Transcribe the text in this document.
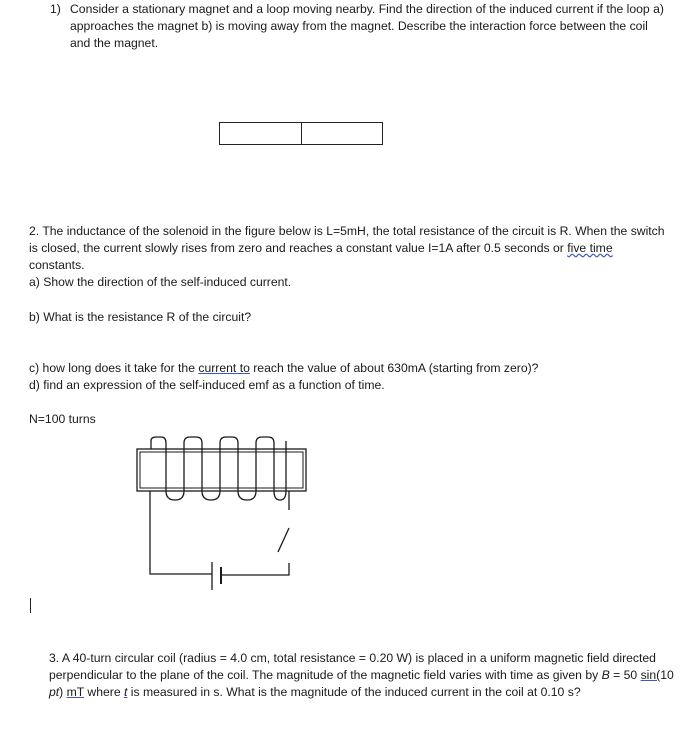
1) Consider a stationary magnet and a loop moving nearby. Find the direction of the induced current if the loop a) approaches the magnet b) is moving away from the magnet. Describe the interaction force between the coil and the magnet.
2. The inductance of the solenoid in the figure below is L=5mH, the total resistance of the circuit is R. When the switch is closed, the current slowly rises from zero and reaches a constant value I=1A after 0.5 seconds or five time constants.
a) Show the direction of the self-induced current.
b) What is the resistance R of the circuit?
c) how long does it take for the current to reach the value of about 630mA (starting from zero)?
d) find an expression of the self-induced emf as a function of time.
N=100 turns
3. A 40-turn circular coil (radius = 4.0 cm, total resistance = 0.20 W) is placed in a uniform magnetic field directed perpendicular to the plane of the coil. The magnitude of the magnetic field varies with time as given by B = 50 sin(10 pt) mT where t is measured in s. What is the magnitude of the induced current in the coil at 0.10 s?
